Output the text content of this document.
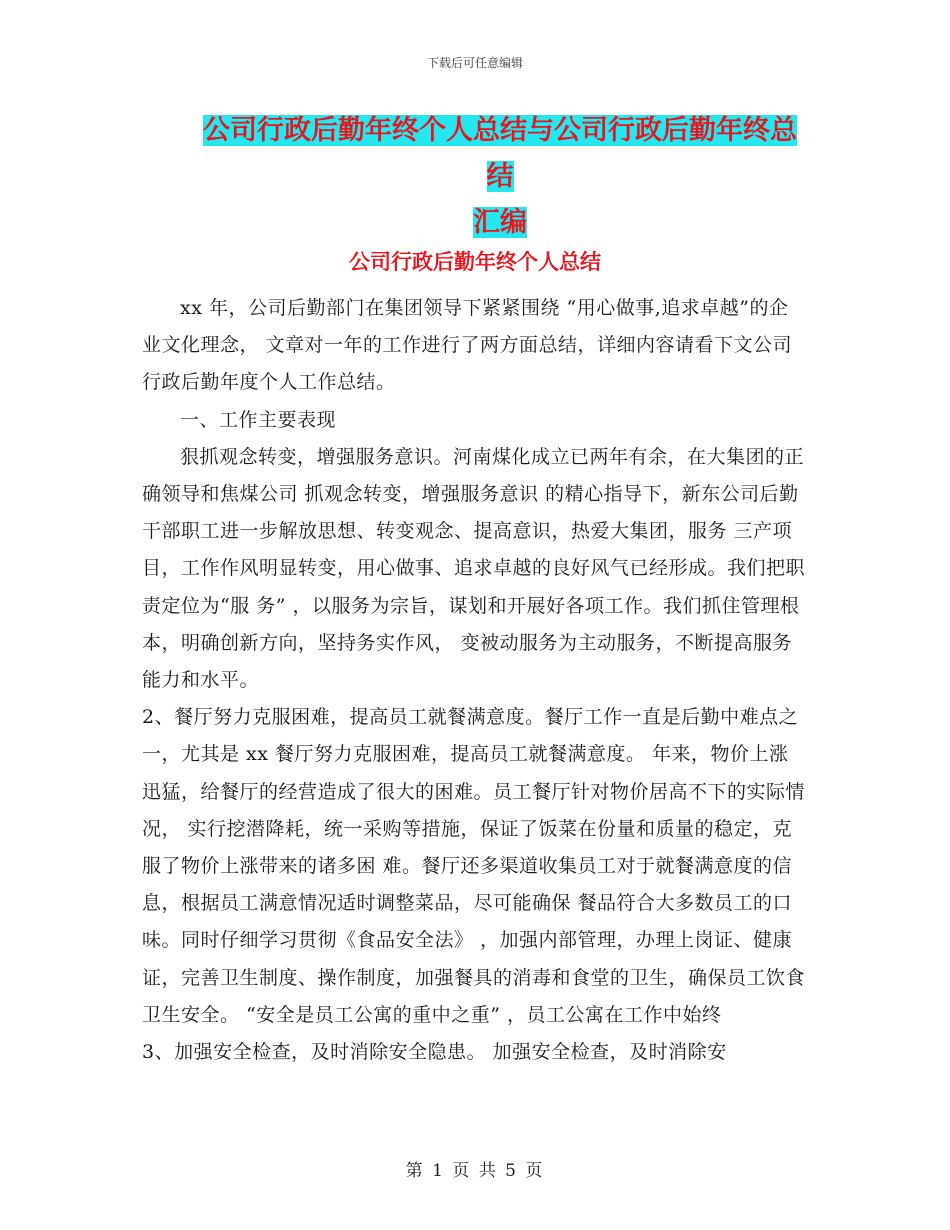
下载后可任意编辑
公司行政后勤年终个人总结与公司行政后勤年终总结
汇编
公司行政后勤年终个人总结

xx 年，公司后勤部门在集团领导下紧紧围绕 “用心做事,追求卓越”的企业文化理念， 文章对一年的工作进行了两方面总结，详细内容请看下文公司行政后勤年度个人工作总结。

一、工作主要表现

狠抓观念转变，增强服务意识。河南煤化成立已两年有余，在大集团的正确领导和焦煤公司 抓观念转变，增强服务意识 的精心指导下，新东公司后勤干部职工进一步解放思想、转变观念、提高意识，热爱大集团，服务 三产项目，工作作风明显转变，用心做事、追求卓越的良好风气已经形成。我们把职责定位为“服 务” ，以服务为宗旨，谋划和开展好各项工作。我们抓住管理根本，明确创新方向，坚持务实作风， 变被动服务为主动服务，不断提高服务能力和水平。

2、餐厅努力克服困难，提高员工就餐满意度。餐厅工作一直是后勤中难点之一，尤其是 xx 餐厅努力克服困难，提高员工就餐满意度。 年来，物价上涨迅猛，给餐厅的经营造成了很大的困难。员工餐厅针对物价居高不下的实际情况， 实行挖潜降耗，统一采购等措施，保证了饭菜在份量和质量的稳定，克服了物价上涨带来的诸多困 难。餐厅还多渠道收集员工对于就餐满意度的信息，根据员工满意情况适时调整菜品，尽可能确保 餐品符合大多数员工的口味。同时仔细学习贯彻《食品安全法》 ，加强内部管理，办理上岗证、健康 证，完善卫生制度、操作制度，加强餐具的消毒和食堂的卫生，确保员工饮食卫生安全。 “安全是员工公寓的重中之重” ，员工公寓在工作中始终

3、加强安全检查，及时消除安全隐患。 加强安全检查，及时消除安

第 1 页 共 5 页
